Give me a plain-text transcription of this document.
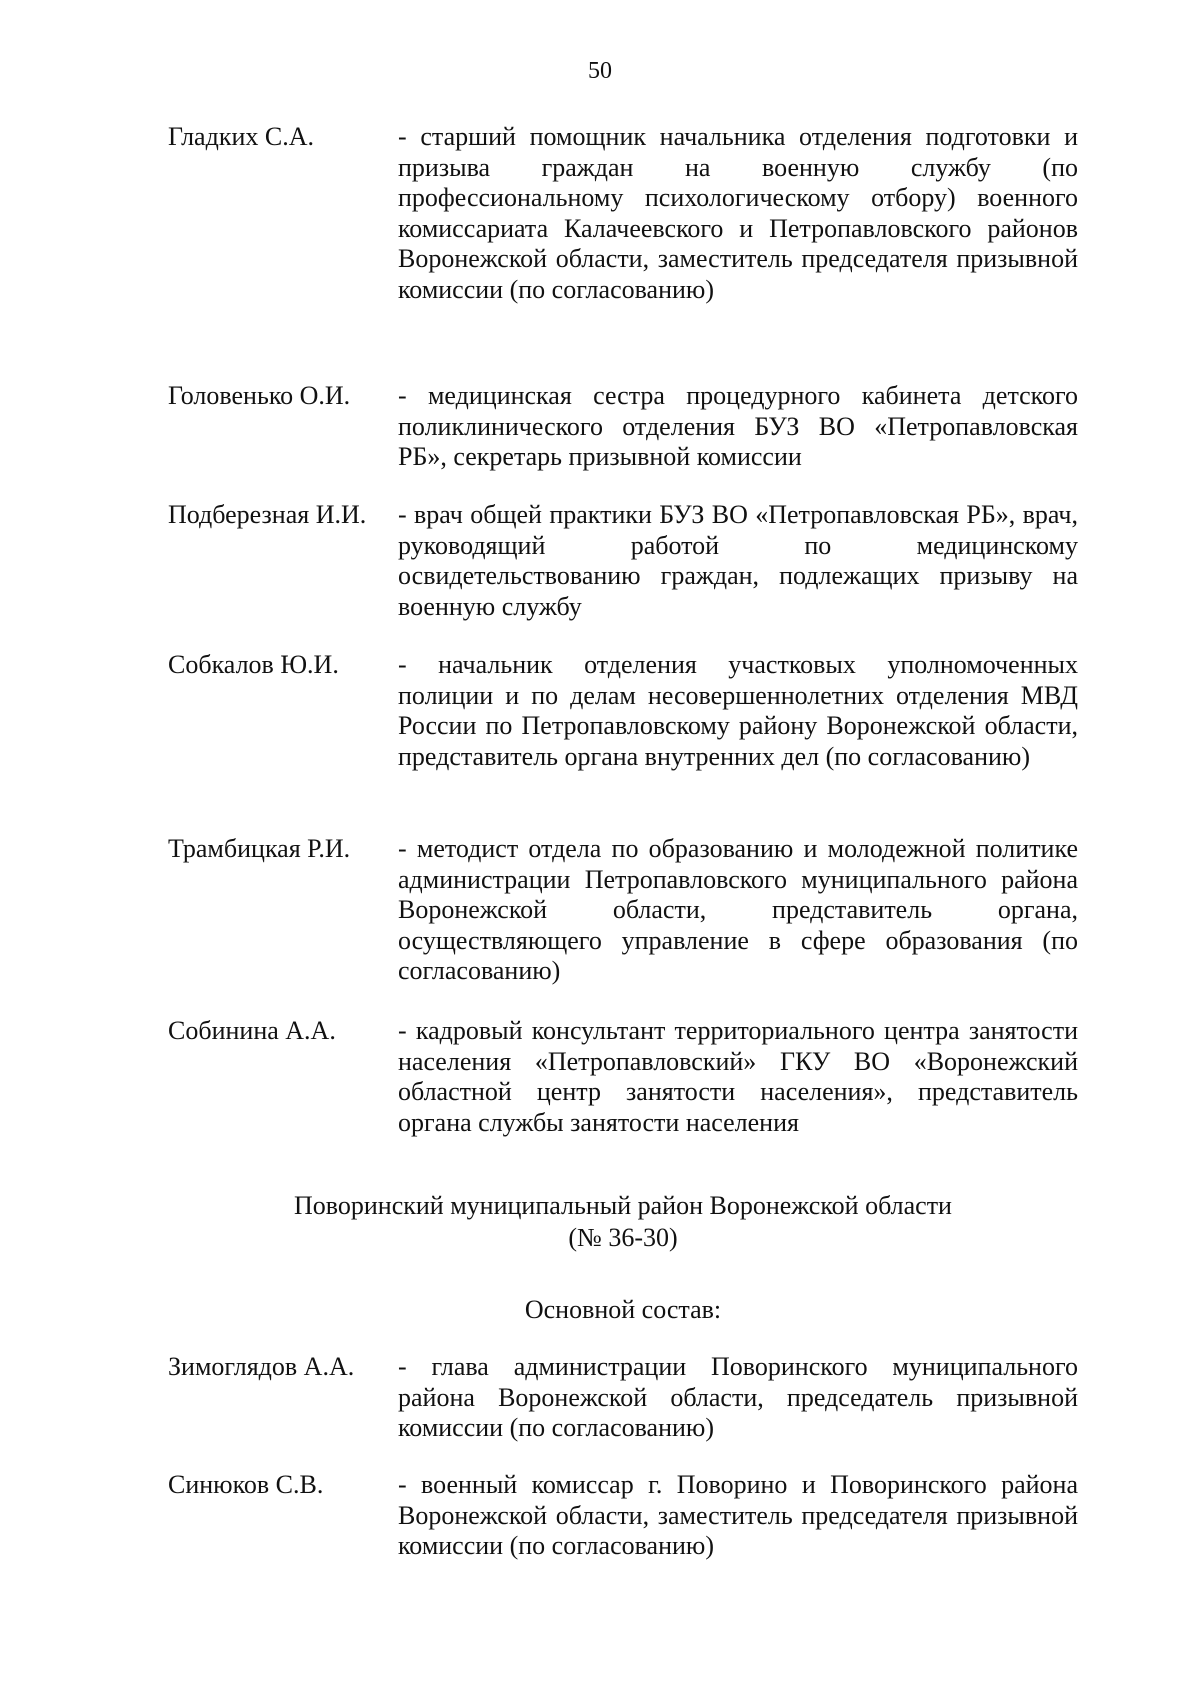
50
Гладких С.А.	- старший помощник начальника отделения подготовки и призыва граждан на военную службу (по профессиональному психологическому отбору) военного комиссариата Калачеевского и Петропавловского районов Воронежской области, заместитель председателя призывной комиссии (по согласованию)
Головенько О.И.	- медицинская сестра процедурного кабинета детского поликлинического отделения БУЗ ВО «Петропавловская РБ», секретарь призывной комиссии
Подберезная И.И.	- врач общей практики БУЗ ВО «Петропавловская РБ», врач, руководящий работой по медицинскому освидетельствованию граждан, подлежащих призыву на военную службу
Собкалов Ю.И.	- начальник отделения участковых уполномоченных полиции и по делам несовершеннолетних отделения МВД России по Петропавловскому району Воронежской области, представитель органа внутренних дел (по согласованию)
Трамбицкая Р.И.	- методист отдела по образованию и молодежной политике администрации Петропавловского муниципального района Воронежской области, представитель органа, осуществляющего управление в сфере образования (по согласованию)
Собинина А.А.	- кадровый консультант территориального центра занятости населения «Петропавловский» ГКУ ВО «Воронежский областной центр занятости населения», представитель органа службы занятости населения
Поворинский муниципальный район Воронежской области
(№ 36-30)
Основной состав:
Зимоглядов А.А.	- глава администрации Поворинского муниципального района Воронежской области, председатель призывной комиссии (по согласованию)
Синюков С.В.	- военный комиссар г. Поворино и Поворинского района Воронежской области, заместитель председателя призывной комиссии (по согласованию)
